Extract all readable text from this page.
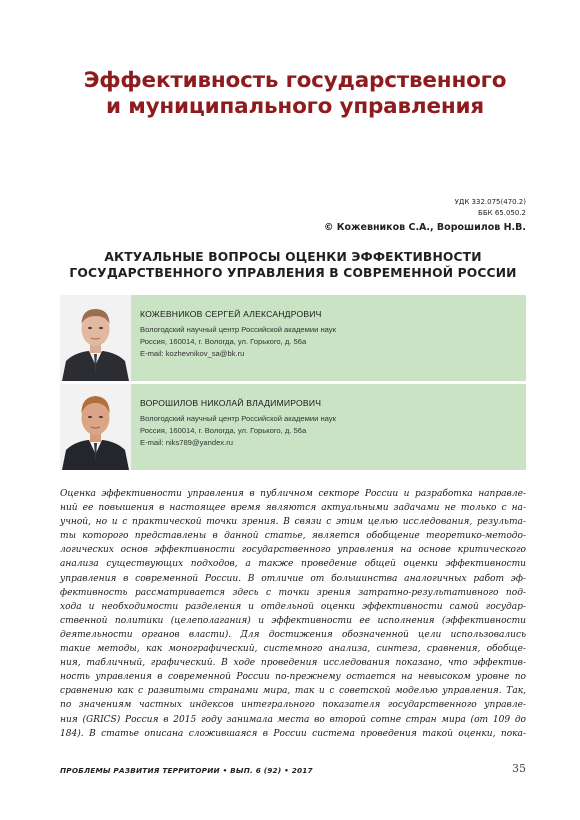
Эффективность государственного
и муниципального управления
УДК 332.075(470.2)
ББК 65.050.2
© Кожевников С.А., Ворошилов Н.В.
АКТУАЛЬНЫЕ ВОПРОСЫ ОЦЕНКИ ЭФФЕКТИВНОСТИ
ГОСУДАРСТВЕННОГО УПРАВЛЕНИЯ В СОВРЕМЕННОЙ РОССИИ
КОЖЕВНИКОВ СЕРГЕЙ АЛЕКСАНДРОВИЧ
Вологодский научный центр Российской академии наук
Россия, 160014, г. Вологда, ул. Горького, д. 56а
E-mail: kozhevnikov_sa@bk.ru
ВОРОШИЛОВ НИКОЛАЙ ВЛАДИМИРОВИЧ
Вологодский научный центр Российской академии наук
Россия, 160014, г. Вологда, ул. Горького, д. 56а
E-mail: niks789@yandex.ru
Оценка эффективности управления в публичном секторе России и разработка направле-
ний ее повышения в настоящее время являются актуальными задачами не только с на-
учной, но и с практической точки зрения. В связи с этим целью исследования, результа-
ты которого представлены в данной статье, является обобщение теоретико-методо-
логических основ эффективности государственного управления на основе критического
анализа существующих подходов, а также проведение общей оценки эффективности
управления в современной России. В отличие от большинства аналогичных работ эф-
фективность рассматривается здесь с точки зрения затратно-результативного под-
хода и необходимости разделения и отдельной оценки эффективности самой государ-
ственной политики (целеполагания) и эффективности ее исполнения (эффективности
деятельности органов власти). Для достижения обозначенной цели использовались
такие методы, как монографический, системного анализа, синтеза, сравнения, обобще-
ния, табличный, графический. В ходе проведения исследования показано, что эффектив-
ность управления в современной России по-прежнему остается на невысоком уровне по
сравнению как с развитыми странами мира, так и с советской моделью управления. Так,
по значениям частных индексов интегрального показателя государственного управле-
ния (GRICS) Россия в 2015 году занимала места во второй сотне стран мира (от 109 до
184). В статье описана сложившаяся в России система проведения такой оценки, пока-
ПРОБЛЕМЫ РАЗВИТИЯ ТЕРРИТОРИИ • ВЫП. 6 (92) • 2017	35
